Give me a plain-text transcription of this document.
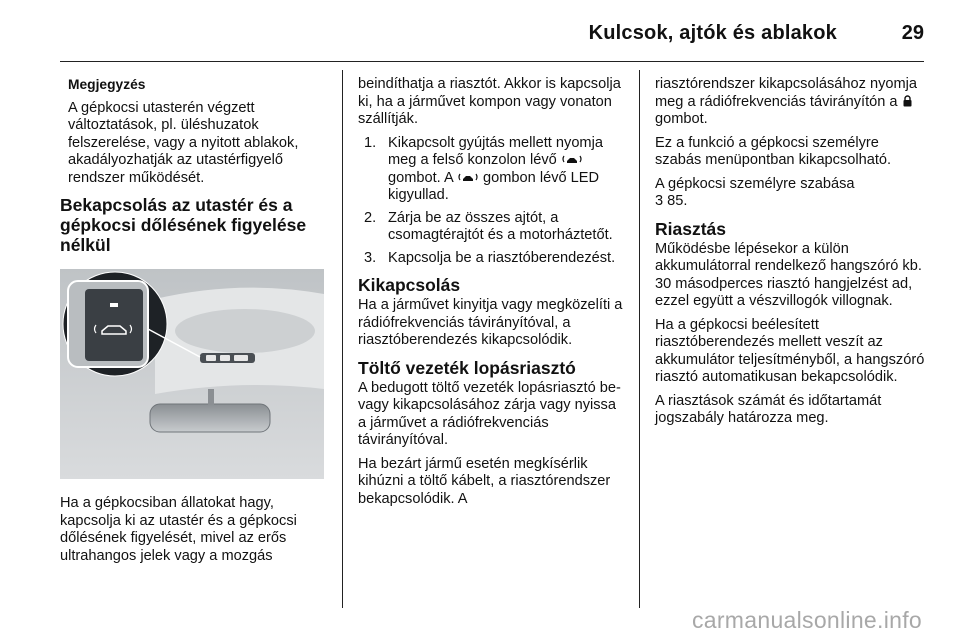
Kulcsok, ajtók és ablakok	29

Megjegyzés

A gépkocsi utasterén végzett változtatások, pl. üléshuzatok felszerelése, vagy a nyitott ablakok, akadályozhatják az utastérfigyelő rendszer működését.

Bekapcsolás az utastér és a gépkocsi dőlésének figyelése nélkül

Ha a gépkocsiban állatokat hagy, kapcsolja ki az utastér és a gépkocsi dőlésének figyelését, mivel az erős ultrahangos jelek vagy a mozgás

beindíthatja a riasztót. Akkor is kapcsolja ki, ha a járművet kompon vagy vonaton szállítják.

1. Kikapcsolt gyújtás mellett nyomja meg a felső konzolon lévő  gombot. A gombon lévő LED kigyullad.
2. Zárja be az összes ajtót, a csomagtérajtót és a motorháztetőt.
3. Kapcsolja be a riasztóberendezést.
Kikapcsolás

Ha a járművet kinyitja vagy megközelíti a rádiófrekvenciás távirányítóval, a riasztóberendezés kikapcsolódik.

Töltő vezeték lopásriasztó

A bedugott töltő vezeték lopásriasztó be- vagy kikapcsolásához zárja vagy nyissa a járművet a rádiófrekvenciás távirányítóval.

Ha bezárt jármű esetén megkísérlik kihúzni a töltő kábelt, a riasztórendszer bekapcsolódik. A

riasztórendszer kikapcsolásához nyomja meg a rádiófrekvenciás távirányítón a  gombot.

Ez a funkció a gépkocsi személyre szabás menüpontban kikapcsolható.

A gépkocsi személyre szabása
3 85.

Riasztás

Működésbe lépésekor a külön akkumulátorral rendelkező hangszóró kb. 30 másodperces riasztó hangjelzést ad, ezzel együtt a vészvillogók villognak.

Ha a gépkocsi beélesített riasztóberendezés mellett veszít az akkumulátor teljesítményből, a hangszóró riasztó automatikusan bekapcsolódik.

A riasztások számát és időtartamát jogszabály határozza meg.

carmanualsonline.info
